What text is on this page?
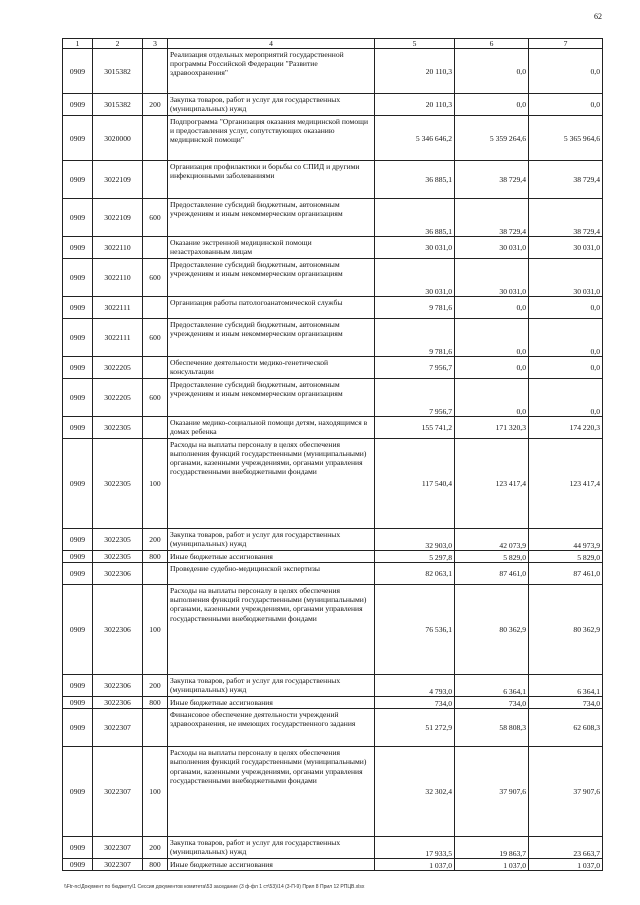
62
1	2	3	4	5	6	7
0909	3015382		Реализация отдельных мероприятий государственной программы Российской Федерации "Развитие здравоохранения"	20 110,3	0,0	0,0
0909	3015382	200	Закупка товаров, работ и услуг для государственных (муниципальных) нужд	20 110,3	0,0	0,0
0909	3020000		Подпрограмма "Организация оказания медицинской помощи и предоставления услуг, сопутствующих оказанию медицинской помощи"	5 346 646,2	5 359 264,6	5 365 964,6
0909	3022109		Организация профилактики и борьбы со СПИД и другими инфекционными заболеваниями	36 885,1	38 729,4	38 729,4
0909	3022109	600	Предоставление субсидий бюджетным, автономным учреждениям и иным некоммерческим организациям	36 885,1	38 729,4	38 729,4
0909	3022110		Оказание экстренной медицинской помощи незастрахованным лицам	30 031,0	30 031,0	30 031,0
0909	3022110	600	Предоставление субсидий бюджетным, автономным учреждениям и иным некоммерческим организациям	30 031,0	30 031,0	30 031,0
0909	3022111		Организация работы патологоанатомической службы	9 781,6	0,0	0,0
0909	3022111	600	Предоставление субсидий бюджетным, автономным учреждениям и иным некоммерческим организациям	9 781,6	0,0	0,0
0909	3022205		Обеспечение деятельности медико-генетической консультации	7 956,7	0,0	0,0
0909	3022205	600	Предоставление субсидий бюджетным, автономным учреждениям и иным некоммерческим организациям	7 956,7	0,0	0,0
0909	3022305		Оказание медико-социальной помощи детям, находящимся в домах ребенка	155 741,2	171 320,3	174 220,3
0909	3022305	100	Расходы на выплаты персоналу в целях обеспечения выполнения функций государственными (муниципальными) органами, казенными учреждениями, органами управления государственными внебюджетными фондами	117 540,4	123 417,4	123 417,4
0909	3022305	200	Закупка товаров, работ и услуг для государственных (муниципальных) нужд	32 903,0	42 073,9	44 973,9
0909	3022305	800	Иные бюджетные ассигнования	5 297,8	5 829,0	5 829,0
0909	3022306		Проведение судебно-медицинской экспертизы	82 063,1	87 461,0	87 461,0
0909	3022306	100	Расходы на выплаты персоналу в целях обеспечения выполнения функций государственными (муниципальными) органами, казенными учреждениями, органами управления государственными внебюджетными фондами	76 536,1	80 362,9	80 362,9
0909	3022306	200	Закупка товаров, работ и услуг для государственных (муниципальных) нужд	4 793,0	6 364,1	6 364,1
0909	3022306	800	Иные бюджетные ассигнования	734,0	734,0	734,0
0909	3022307		Финансовое обеспечение деятельности учреждений здравоохранения, не имеющих государственного задания	51 272,9	58 808,3	62 608,3
0909	3022307	100	Расходы на выплаты персоналу в целях обеспечения выполнения функций государственными (муниципальными) органами, казенными учреждениями, органами управления государственными внебюджетными фондами	32 302,4	37 907,6	37 907,6
0909	3022307	200	Закупка товаров, работ и услуг для государственных (муниципальных) нужд	17 933,5	19 863,7	23 663,7
0909	3022307	800	Иные бюджетные ассигнования	1 037,0	1 037,0	1 037,0
\\Ftr-nc\Документ по бюджету\1 Сессия документов комитета\53 заседание (3 ф-фл 1 ст\53)\14 (3-П-9) Прил 8 Прил 12 РПЦВ.xlsx
